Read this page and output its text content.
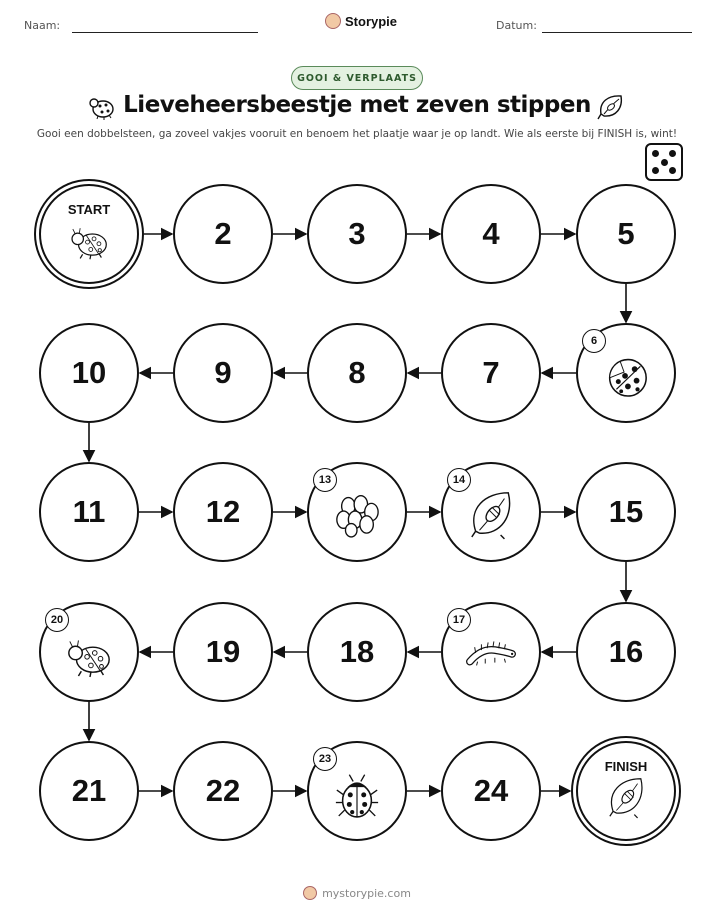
Naam:	Storypie	Datum:
GOOI & VERPLAATS
Lieveheersbeestje met zeven stippen
Gooi een dobbelsteen, ga zoveel vakjes vooruit en benoem het plaatje waar je op landt. Wie als eerste bij FINISH is, wint!
START
2	3	4	5
10	9	8	7
6
11	12
13	14
15
20
19	18
17
16
21	22
23
24
FINISH
mystorypie.com
